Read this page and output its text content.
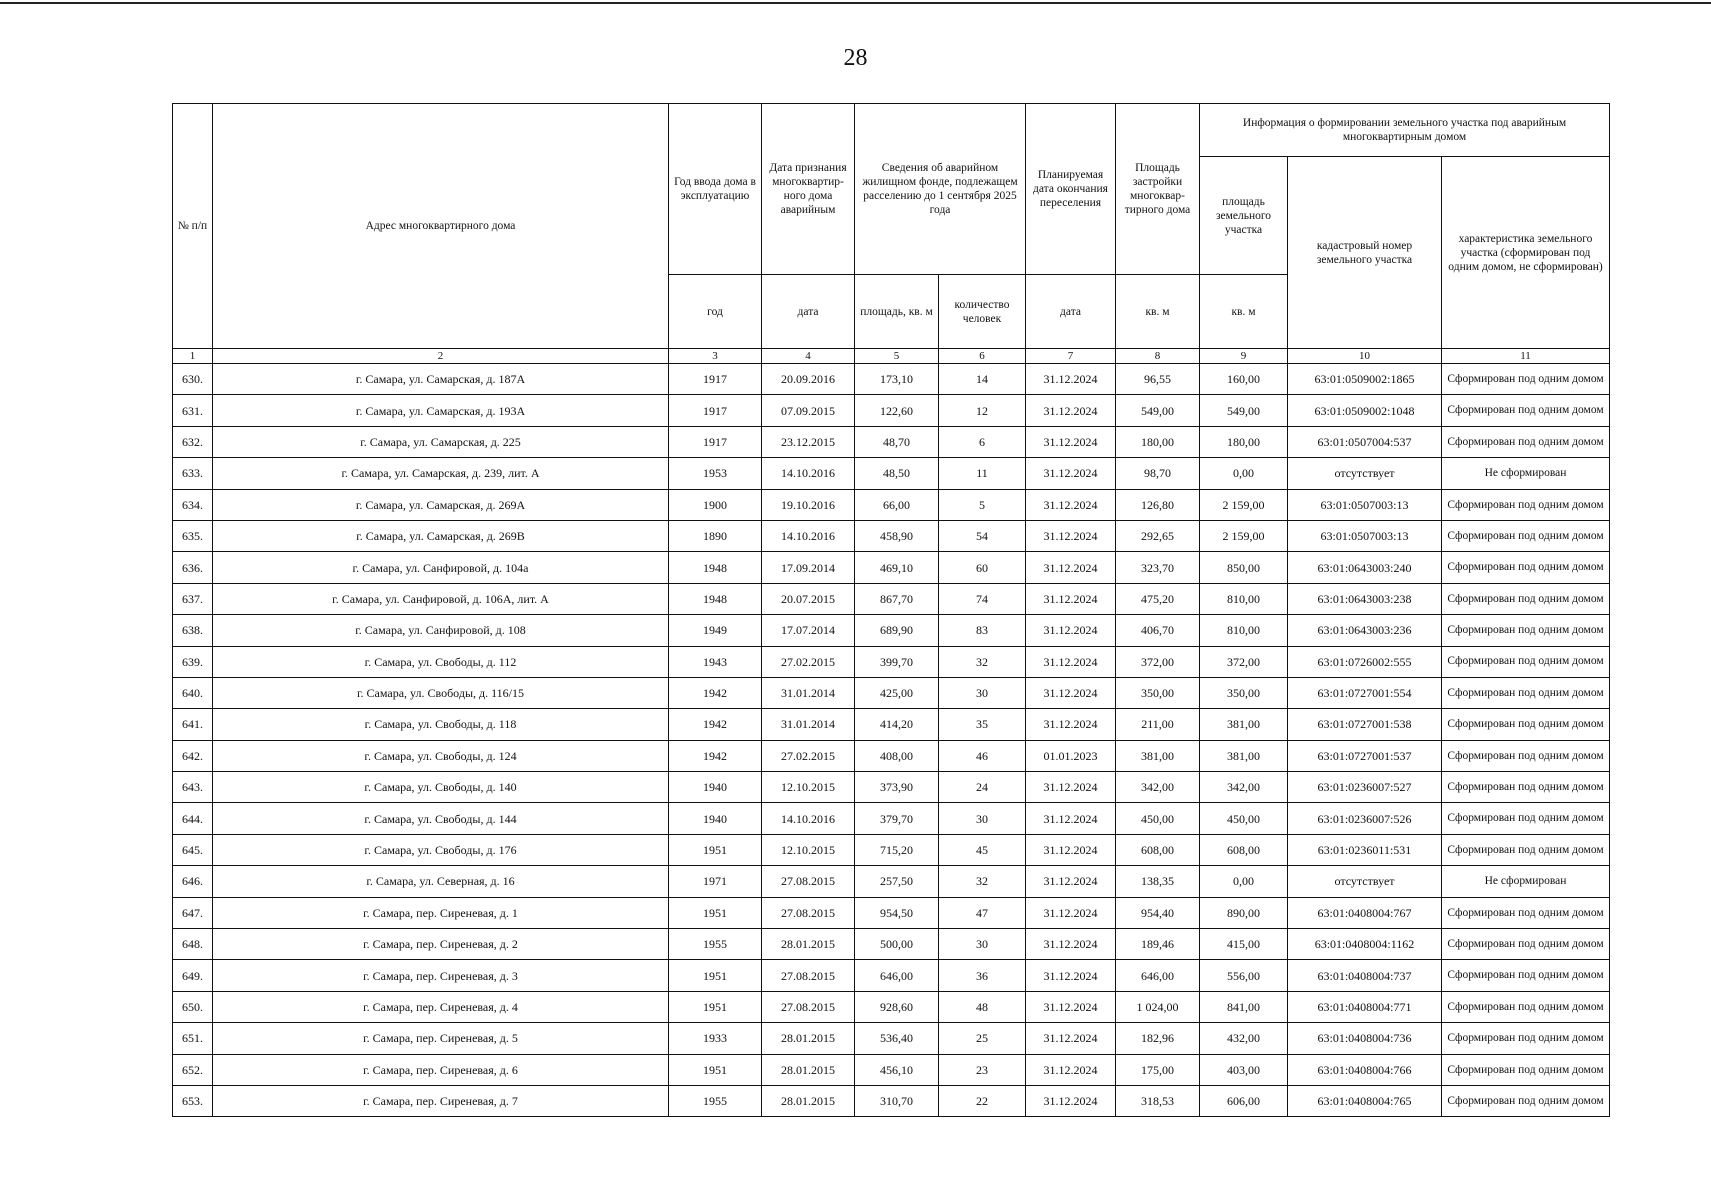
28
№ п/п	Адрес многоквартирного дома	Год ввода дома в эксплуатацию	Дата признания многоквартир-ного дома аварийным	Сведения об аварийном жилищном фонде, подлежащем расселению до 1 сентября 2025 года		Планируемая дата окончания переселения	Площадь застройки многоквар-тирного дома	Информация о формировании земельного участка под аварийным многоквартирным домом		
								площадь земельного участка	кадастровый номер земельного участка	характеристика земельного участка (сформирован под одним домом, не сформирован)
		год	дата	площадь, кв. м	количество человек	дата	кв. м	кв. м		
1	2	3	4	5	6	7	8	9	10	11
630.	г. Самара, ул. Самарская, д. 187А	1917	20.09.2016	173,10	14	31.12.2024	96,55	160,00	63:01:0509002:1865	Сформирован под одним домом
631.	г. Самара, ул. Самарская, д. 193А	1917	07.09.2015	122,60	12	31.12.2024	549,00	549,00	63:01:0509002:1048	Сформирован под одним домом
632.	г. Самара, ул. Самарская, д. 225	1917	23.12.2015	48,70	6	31.12.2024	180,00	180,00	63:01:0507004:537	Сформирован под одним домом
633.	г. Самара, ул. Самарская, д. 239, лит. А	1953	14.10.2016	48,50	11	31.12.2024	98,70	0,00	отсутствует	Не сформирован
634.	г. Самара, ул. Самарская, д. 269А	1900	19.10.2016	66,00	5	31.12.2024	126,80	2 159,00	63:01:0507003:13	Сформирован под одним домом
635.	г. Самара, ул. Самарская, д. 269В	1890	14.10.2016	458,90	54	31.12.2024	292,65	2 159,00	63:01:0507003:13	Сформирован под одним домом
636.	г. Самара, ул. Санфировой, д. 104а	1948	17.09.2014	469,10	60	31.12.2024	323,70	850,00	63:01:0643003:240	Сформирован под одним домом
637.	г. Самара, ул. Санфировой, д. 106А, лит. А	1948	20.07.2015	867,70	74	31.12.2024	475,20	810,00	63:01:0643003:238	Сформирован под одним домом
638.	г. Самара, ул. Санфировой, д. 108	1949	17.07.2014	689,90	83	31.12.2024	406,70	810,00	63:01:0643003:236	Сформирован под одним домом
639.	г. Самара, ул. Свободы, д. 112	1943	27.02.2015	399,70	32	31.12.2024	372,00	372,00	63:01:0726002:555	Сформирован под одним домом
640.	г. Самара, ул. Свободы, д. 116/15	1942	31.01.2014	425,00	30	31.12.2024	350,00	350,00	63:01:0727001:554	Сформирован под одним домом
641.	г. Самара, ул. Свободы, д. 118	1942	31.01.2014	414,20	35	31.12.2024	211,00	381,00	63:01:0727001:538	Сформирован под одним домом
642.	г. Самара, ул. Свободы, д. 124	1942	27.02.2015	408,00	46	01.01.2023	381,00	381,00	63:01:0727001:537	Сформирован под одним домом
643.	г. Самара, ул. Свободы, д. 140	1940	12.10.2015	373,90	24	31.12.2024	342,00	342,00	63:01:0236007:527	Сформирован под одним домом
644.	г. Самара, ул. Свободы, д. 144	1940	14.10.2016	379,70	30	31.12.2024	450,00	450,00	63:01:0236007:526	Сформирован под одним домом
645.	г. Самара, ул. Свободы, д. 176	1951	12.10.2015	715,20	45	31.12.2024	608,00	608,00	63:01:0236011:531	Сформирован под одним домом
646.	г. Самара, ул. Северная, д. 16	1971	27.08.2015	257,50	32	31.12.2024	138,35	0,00	отсутствует	Не сформирован
647.	г. Самара, пер. Сиреневая, д. 1	1951	27.08.2015	954,50	47	31.12.2024	954,40	890,00	63:01:0408004:767	Сформирован под одним домом
648.	г. Самара, пер. Сиреневая, д. 2	1955	28.01.2015	500,00	30	31.12.2024	189,46	415,00	63:01:0408004:1162	Сформирован под одним домом
649.	г. Самара, пер. Сиреневая, д. 3	1951	27.08.2015	646,00	36	31.12.2024	646,00	556,00	63:01:0408004:737	Сформирован под одним домом
650.	г. Самара, пер. Сиреневая, д. 4	1951	27.08.2015	928,60	48	31.12.2024	1 024,00	841,00	63:01:0408004:771	Сформирован под одним домом
651.	г. Самара, пер. Сиреневая, д. 5	1933	28.01.2015	536,40	25	31.12.2024	182,96	432,00	63:01:0408004:736	Сформирован под одним домом
652.	г. Самара, пер. Сиреневая, д. 6	1951	28.01.2015	456,10	23	31.12.2024	175,00	403,00	63:01:0408004:766	Сформирован под одним домом
653.	г. Самара, пер. Сиреневая, д. 7	1955	28.01.2015	310,70	22	31.12.2024	318,53	606,00	63:01:0408004:765	Сформирован под одним домом
